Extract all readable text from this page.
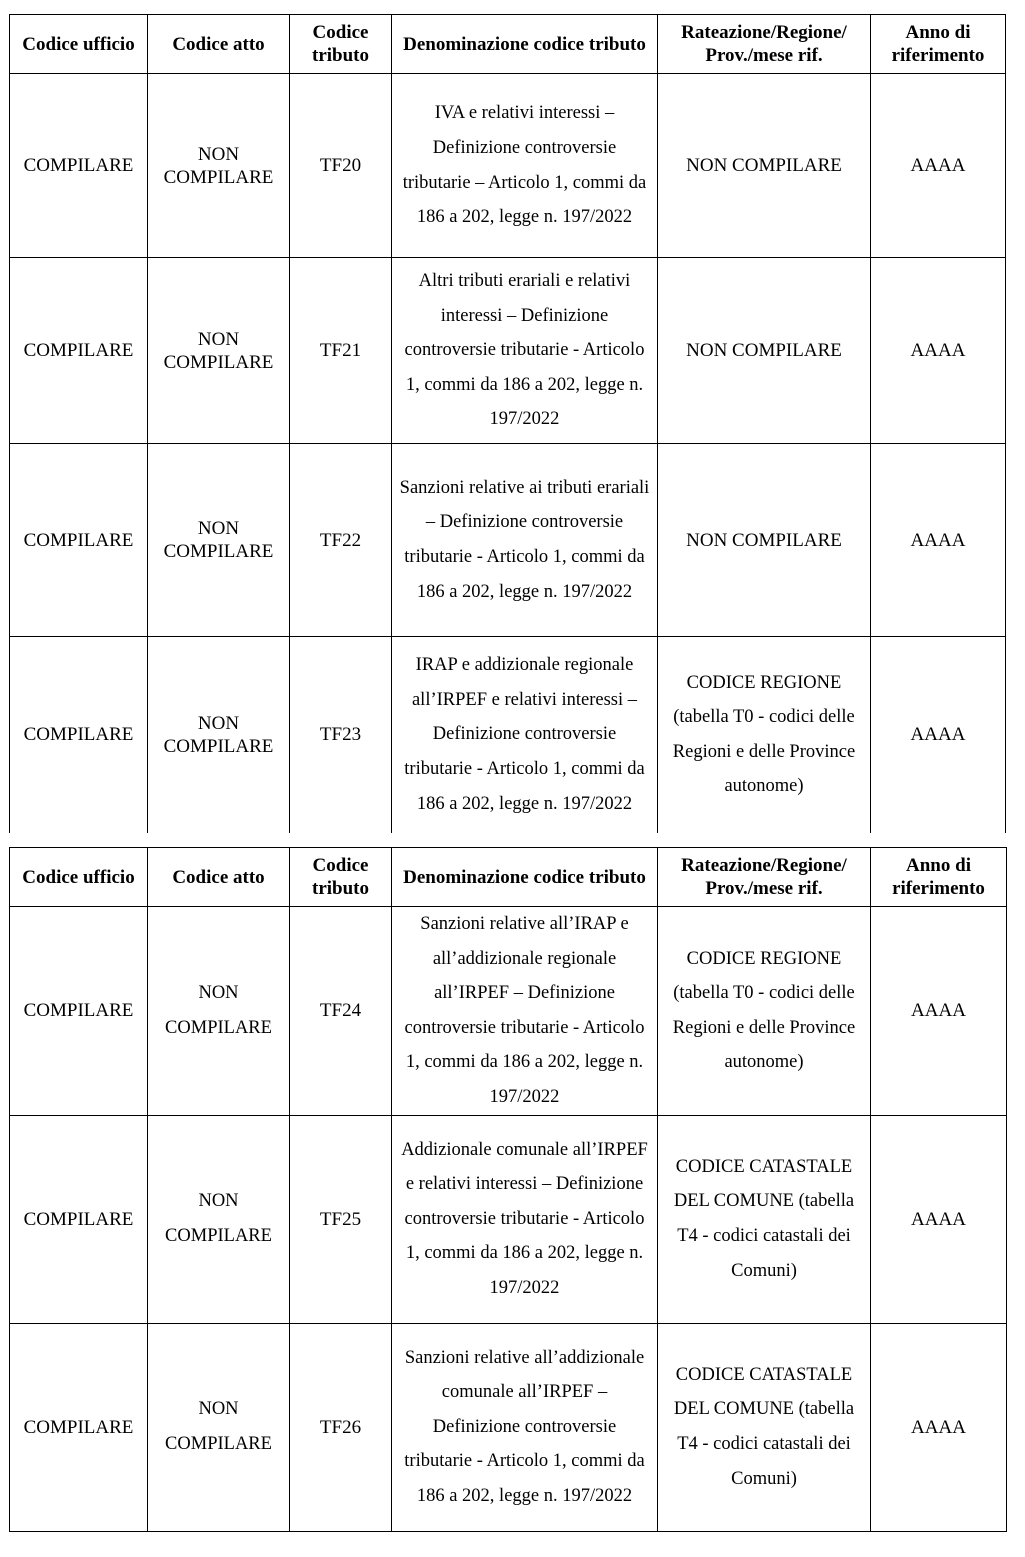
Codice ufficio	Codice atto	Codice tributo	Denominazione codice tributo	Rateazione/Regione/ Prov./mese rif.	Anno di riferimento
COMPILARE	NON COMPILARE	TF20	IVA e relativi interessi – Definizione controversie tributarie – Articolo 1, commi da 186 a 202, legge n. 197/2022	NON COMPILARE	AAAA
COMPILARE	NON COMPILARE	TF21	Altri tributi erariali e relativi interessi – Definizione controversie tributarie - Articolo 1, commi da 186 a 202, legge n. 197/2022	NON COMPILARE	AAAA
COMPILARE	NON COMPILARE	TF22	Sanzioni relative ai tributi erariali – Definizione controversie tributarie - Articolo 1, commi da 186 a 202, legge n. 197/2022	NON COMPILARE	AAAA
COMPILARE	NON COMPILARE	TF23	IRAP e addizionale regionale all’IRPEF e relativi interessi – Definizione controversie tributarie - Articolo 1, commi da 186 a 202, legge n. 197/2022	CODICE REGIONE (tabella T0 - codici delle Regioni e delle Province autonome)	AAAA
Codice ufficio	Codice atto	Codice tributo	Denominazione codice tributo	Rateazione/Regione/ Prov./mese rif.	Anno di riferimento
COMPILARE	NON COMPILARE	TF24	Sanzioni relative all’IRAP e all’addizionale regionale all’IRPEF – Definizione controversie tributarie - Articolo 1, commi da 186 a 202, legge n. 197/2022	CODICE REGIONE (tabella T0 - codici delle Regioni e delle Province autonome)	AAAA
COMPILARE	NON COMPILARE	TF25	Addizionale comunale all’IRPEF e relativi interessi – Definizione controversie tributarie - Articolo 1, commi da 186 a 202, legge n. 197/2022	CODICE CATASTALE DEL COMUNE (tabella T4 - codici catastali dei Comuni)	AAAA
COMPILARE	NON COMPILARE	TF26	Sanzioni relative all’addizionale comunale all’IRPEF – Definizione controversie tributarie - Articolo 1, commi da 186 a 202, legge n. 197/2022	CODICE CATASTALE DEL COMUNE (tabella T4 - codici catastali dei Comuni)	AAAA
